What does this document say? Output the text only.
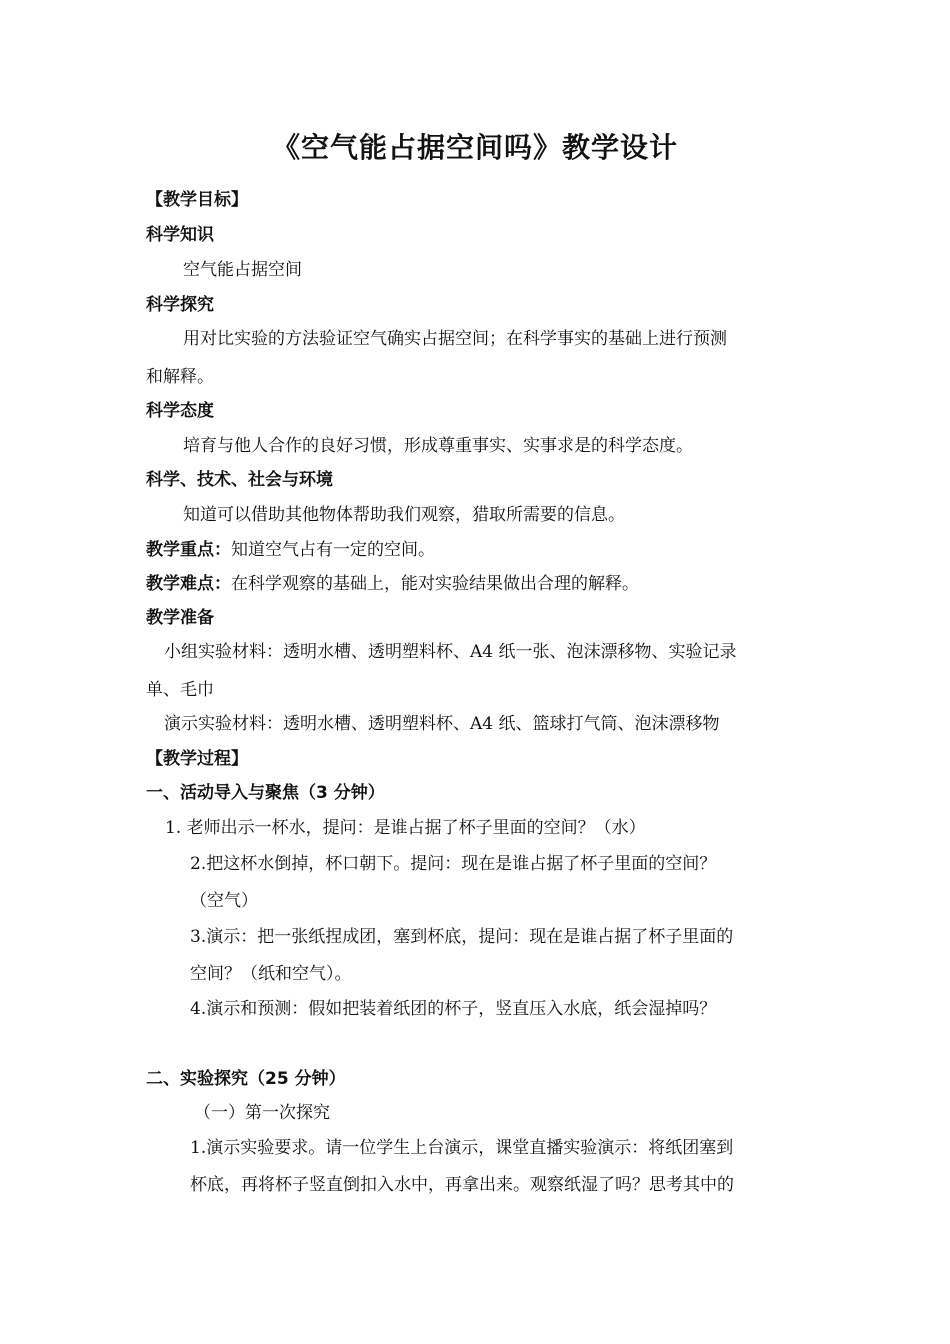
《空气能占据空间吗》教学设计
【教学目标】
科学知识
空气能占据空间
科学探究
用对比实验的方法验证空气确实占据空间；在科学事实的基础上进行预测
和解释。
科学态度
培育与他人合作的良好习惯，形成尊重事实、实事求是的科学态度。
科学、技术、社会与环境
知道可以借助其他物体帮助我们观察，猎取所需要的信息。
教学重点：知道空气占有一定的空间。
教学难点：在科学观察的基础上，能对实验结果做出合理的解释。
教学准备
小组实验材料：透明水槽、透明塑料杯、A4 纸一张、泡沫漂移物、实验记录
单、毛巾
演示实验材料：透明水槽、透明塑料杯、A4 纸、篮球打气筒、泡沫漂移物
【教学过程】
一、活动导入与聚焦（3 分钟）
1. 老师出示一杯水，提问：是谁占据了杯子里面的空间？（水）
2.把这杯水倒掉，杯口朝下。提问：现在是谁占据了杯子里面的空间？
（空气）
3.演示：把一张纸捏成团，塞到杯底，提问：现在是谁占据了杯子里面的
空间？（纸和空气）。
4.演示和预测：假如把装着纸团的杯子，竖直压入水底，纸会湿掉吗？
二、实验探究（25 分钟）
（一）第一次探究
1.演示实验要求。请一位学生上台演示，课堂直播实验演示：将纸团塞到
杯底，再将杯子竖直倒扣入水中，再拿出来。观察纸湿了吗？思考其中的
